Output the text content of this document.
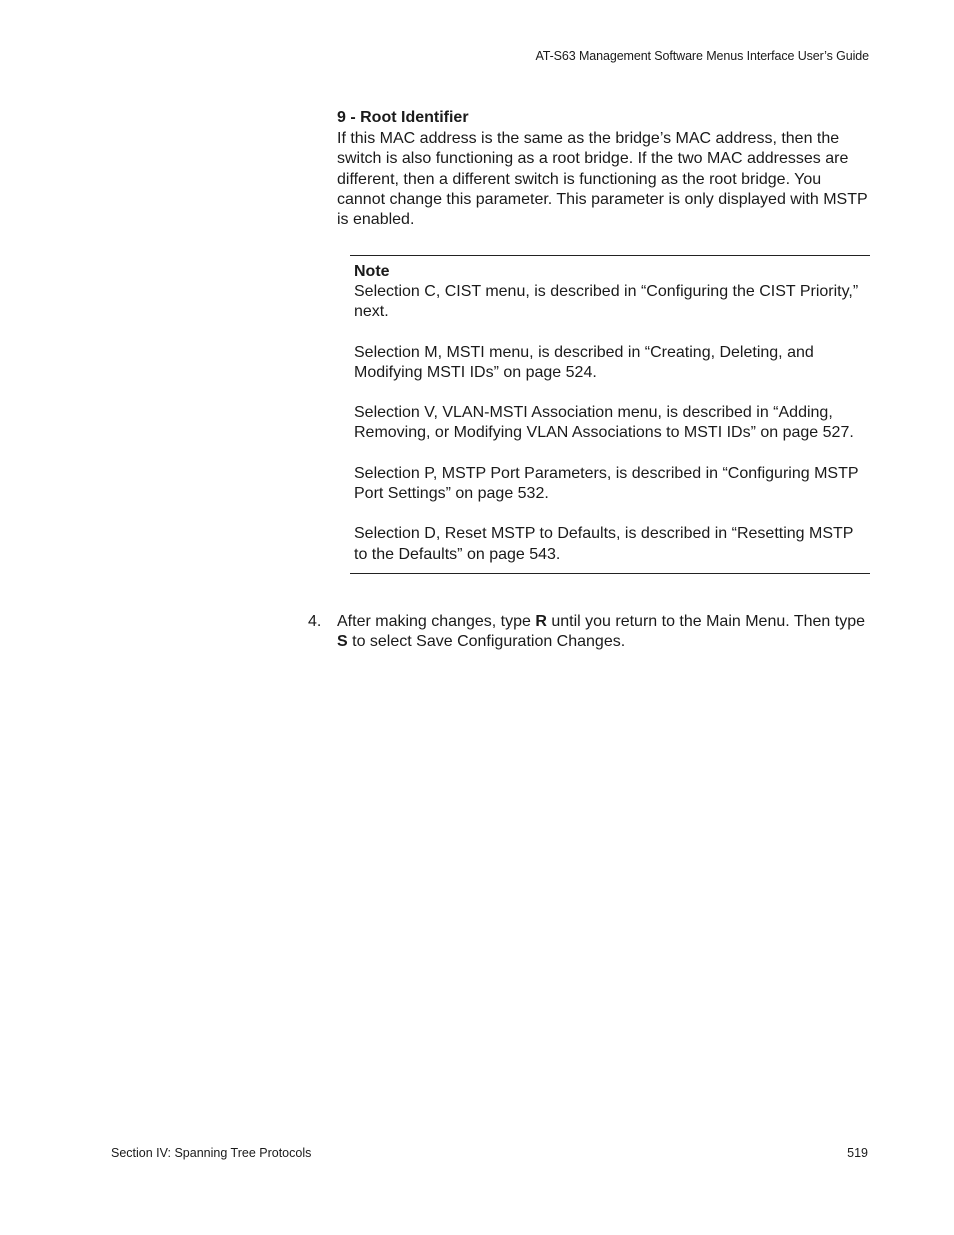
AT-S63 Management Software Menus Interface User’s Guide
9 - Root Identifier
If this MAC address is the same as the bridge’s MAC address, then the switch is also functioning as a root bridge. If the two MAC addresses are different, then a different switch is functioning as the root bridge. You cannot change this parameter. This parameter is only displayed with MSTP is enabled.
Note

Selection C, CIST menu, is described in “Configuring the CIST Priority,” next.

Selection M, MSTI menu, is described in “Creating, Deleting, and Modifying MSTI IDs” on page 524.

Selection V, VLAN-MSTI Association menu, is described in “Adding, Removing, or Modifying VLAN Associations to MSTI IDs” on page 527.

Selection P, MSTP Port Parameters, is described in “Configuring MSTP Port Settings” on page 532.

Selection D, Reset MSTP to Defaults, is described in “Resetting MSTP to the Defaults” on page 543.

4. After making changes, type R until you return to the Main Menu. Then type S to select Save Configuration Changes.
Section IV: Spanning Tree Protocols	519
